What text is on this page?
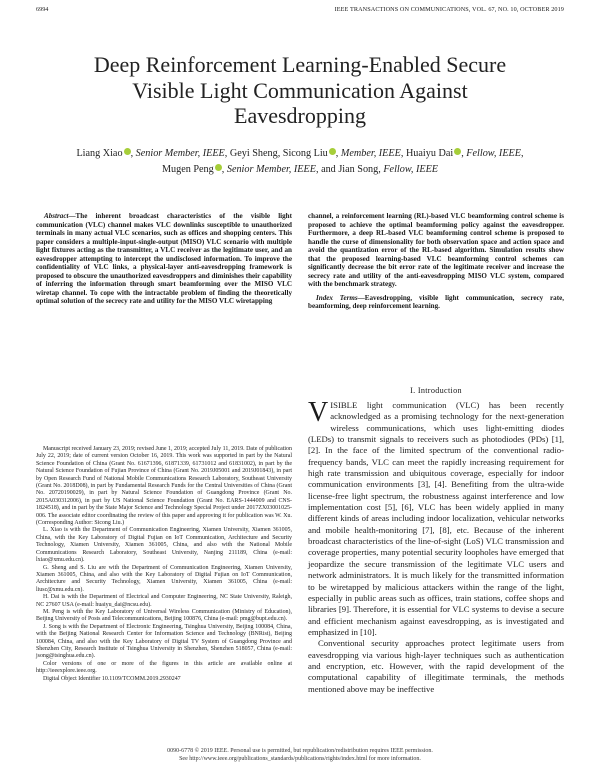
6994	IEEE TRANSACTIONS ON COMMUNICATIONS, VOL. 67, NO. 10, OCTOBER 2019
Deep Reinforcement Learning-Enabled Secure
Visible Light Communication Against
Eavesdropping
Liang Xiao , Senior Member, IEEE, Geyi Sheng, Sicong Liu , Member, IEEE, Huaiyu Dai , Fellow, IEEE,
Mugen Peng , Senior Member, IEEE, and Jian Song, Fellow, IEEE

Abstract—The inherent broadcast characteristics of the visible light communication (VLC) channel makes VLC downlinks susceptible to unauthorized terminals in many actual VLC scenarios, such as offices and shopping centers. This paper considers a multiple-input-single-output (MISO) VLC scenario with multiple light fixtures acting as the transmitter, a VLC receiver as the legitimate user, and an eavesdropper attempting to intercept the undisclosed information. To improve the confidentiality of VLC links, a physical-layer anti-eavesdropping framework is proposed to obscure the unauthorized eavesdroppers and diminishes their capability of inferring the information through smart beamforming over the MISO VLC wiretap channel. To cope with the intractable problem of finding the theoretically optimal solution of the secrecy rate and utility for the MISO VLC wiretapping

channel, a reinforcement learning (RL)-based VLC beamforming control scheme is proposed to achieve the optimal beamforming policy against the eavesdropper. Furthermore, a deep RL-based VLC beamforming control scheme is proposed to handle the curse of dimensionality for both observation space and action space and avoid the quantization error of the RL-based algorithm. Simulation results show that the proposed learning-based VLC beamforming control schemes can significantly decrease the bit error rate of the legitimate receiver and increase the secrecy rate and utility of the anti-eavesdropping MISO VLC system, compared with the benchmark strategy.

Index Terms—Eavesdropping, visible light communication, secrecy rate, beamforming, deep reinforcement learning.

Manuscript received January 23, 2019; revised June 1, 2019; accepted July 11, 2019. Date of publication July 22, 2019; date of current version October 16, 2019. This work was supported in part by the Natural Science Foundation of China (Grant No. 61671396, 61871339, 61731012 and 61831002), in part by the Natural Science Foundation of Fujian Province of China (Grant No. 2019J05001 and 2019J01843), in part by Open Research Fund of National Mobile Communications Research Laboratory, Southeast University (Grant No. 2018D08), in part by Fundamental Research Funds for the Central Universities of China (Grant No. 20720190029), in part by Natural Science Foundation of Guangdong Province (Grant No. 2015A030312006), in part by US National Science Foundation (Grant No. EARS-1444009 and CNS-1824518), and in part by the State Major Science and Technology Special Project under 2017ZX03001025-006. The associate editor coordinating the review of this paper and approving it for publication was W. Xu. (Corresponding Author: Sicong Liu.)

L. Xiao is with the Department of Communication Engineering, Xiamen University, Xiamen 361005, China, with the Key Laboratory of Digital Fujian on IoT Communication, Architecture and Security Technology, Xiamen University, Xiamen 361005, China, and also with the National Mobile Communications Research Laboratory, Southeast University, Nanjing 211189, China (e-mail: lxiao@xmu.edu.cn).

G. Sheng and S. Liu are with the Department of Communication Engineering, Xiamen University, Xiamen 361005, China, and also with the Key Laboratory of Digital Fujian on IoT Communication, Architecture and Security Technology, Xiamen University, Xiamen 361005, China (e-mail: liusc@xmu.edu.cn).

H. Dai is with the Department of Electrical and Computer Engineering, NC State University, Raleigh, NC 27607 USA (e-mail: huaiyu_dai@ncsu.edu).

M. Peng is with the Key Laboratory of Universal Wireless Communication (Ministry of Education), Beijing University of Posts and Telecommunications, Beijing 100876, China (e-mail: pmg@bupt.edu.cn).

J. Song is with the Department of Electronic Engineering, Tsinghua University, Beijing 100084, China, with the Beijing National Research Center for Information Science and Technology (BNRist), Beijing 100084, China, and also with the Key Laboratory of Digital TV System of Guangdong Province and Shenzhen City, Research Institute of Tsinghua University in Shenzhen, Shenzhen 518057, China (e-mail: jsong@tsinghua.edu.cn).

Color versions of one or more of the figures in this article are available online at http://ieeexplore.ieee.org.

Digital Object Identifier 10.1109/TCOMM.2019.2930247

I. Introduction

VISIBLE light communication (VLC) has been recently acknowledged as a promising technology for the next-generation wireless communications, which uses light-emitting diodes (LEDs) to transmit signals to receivers such as photodiodes (PDs) [1], [2]. In the face of the limited spectrum of the conventional radio-frequency bands, VLC can meet the rapidly increasing requirement for high rate transmission and ubiquitous coverage, especially for indoor communication environments [3], [4]. Benefiting from the ultra-wide license-free light spectrum, the robustness against interference and low implementation cost [5], [6], VLC has been widely applied in many different kinds of areas including indoor localization, vehicular networks and mobile health-monitoring [7], [8], etc. Because of the inherent broadcast characteristics of the line-of-sight (LoS) VLC transmission and coverage properties, many potential security loopholes have emerged that jeopardize the secure transmission of the legitimate VLC users and network administrators. It is much likely for the transmitted information to be wiretapped by malicious attackers within the range of the light, especially in public areas such as offices, train stations, coffee shops and libraries [9]. Therefore, it is essential for VLC systems to devise a secure and efficient mechanism against eavesdropping, as is investigated and emphasized in [10].

Conventional security approaches protect legitimate users from eavesdropping via various high-layer techniques such as authentication and encryption, etc. However, with the rapid development of the computational capability of illegitimate terminals, the methods mentioned above may be ineffective

0090-6778 © 2019 IEEE. Personal use is permitted, but republication/redistribution requires IEEE permission.
See http://www.ieee.org/publications_standards/publications/rights/index.html for more information.
